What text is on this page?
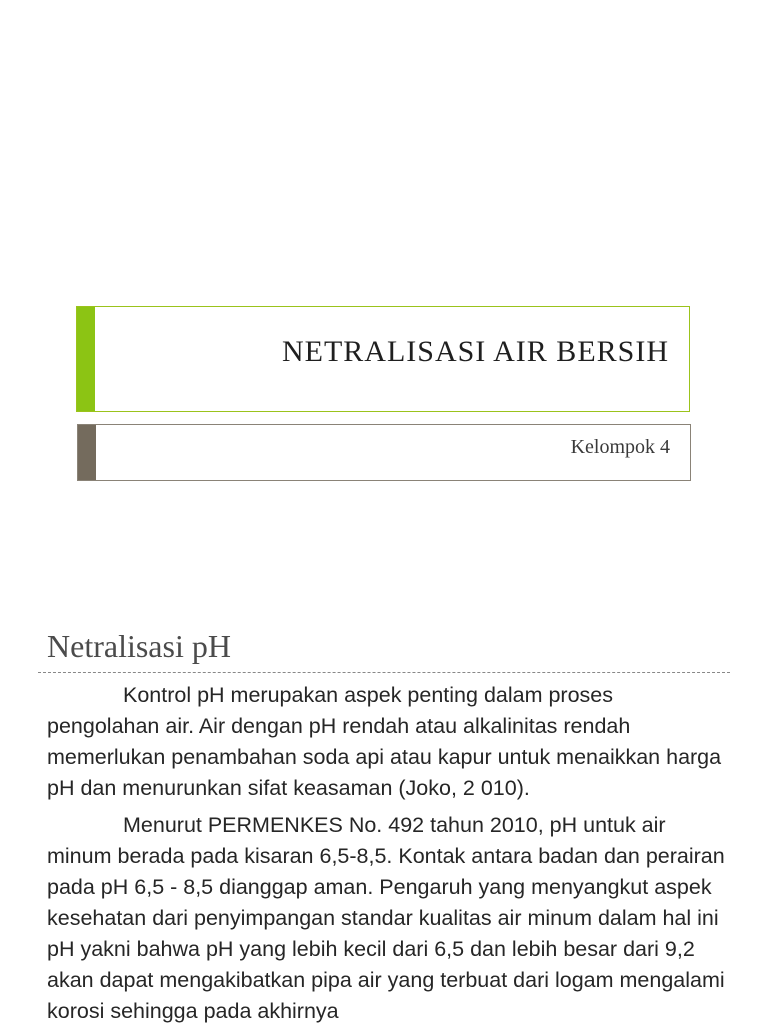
NETRALISASI AIR BERSIH
Kelompok 4
Netralisasi pH

Kontrol pH merupakan aspek penting dalam proses pengolahan air. Air dengan pH rendah atau alkalinitas rendah memerlukan penambahan soda api atau kapur untuk menaikkan harga pH dan menurunkan sifat keasaman (Joko, 2 010).

Menurut PERMENKES No. 492 tahun 2010, pH untuk air minum berada pada kisaran 6,5-8,5. Kontak antara badan dan perairan pada pH 6,5 - 8,5 dianggap aman. Pengaruh yang menyangkut aspek kesehatan dari penyimpangan standar kualitas air minum dalam hal ini pH yakni bahwa pH yang lebih kecil dari 6,5 dan lebih besar dari 9,2 akan dapat mengakibatkan pipa air yang terbuat dari logam mengalami korosi sehingga pada akhirnya
